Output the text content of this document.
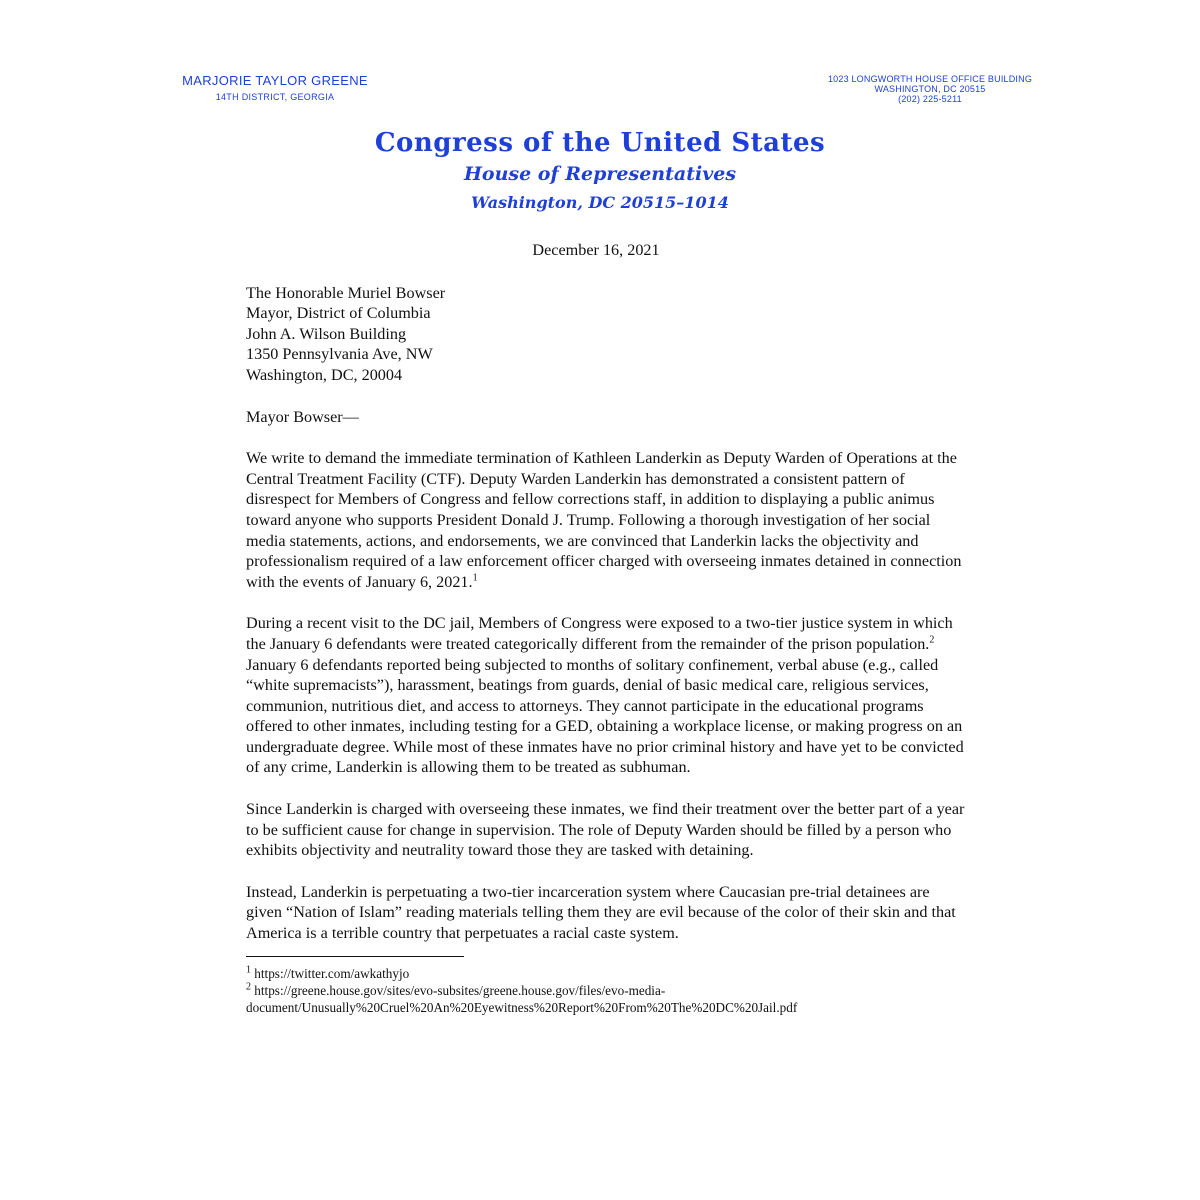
MARJORIE TAYLOR GREENE
14TH DISTRICT, GEORGIA
1023 LONGWORTH HOUSE OFFICE BUILDING
WASHINGTON, DC 20515
(202) 225-5211
Congress of the United States
House of Representatives
Washington, DC 20515–1014
December 16, 2021
The Honorable Muriel Bowser
Mayor, District of Columbia
John A. Wilson Building
1350 Pennsylvania Ave, NW
Washington, DC, 20004
Mayor Bowser—
We write to demand the immediate termination of Kathleen Landerkin as Deputy Warden of Operations at the Central Treatment Facility (CTF). Deputy Warden Landerkin has demonstrated a consistent pattern of disrespect for Members of Congress and fellow corrections staff, in addition to displaying a public animus toward anyone who supports President Donald J. Trump. Following a thorough investigation of her social media statements, actions, and endorsements, we are convinced that Landerkin lacks the objectivity and professionalism required of a law enforcement officer charged with overseeing inmates detained in connection with the events of January 6, 2021.$^1$
During a recent visit to the DC jail, Members of Congress were exposed to a two-tier justice system in which the January 6 defendants were treated categorically different from the remainder of the prison population.$^2$ January 6 defendants reported being subjected to months of solitary confinement, verbal abuse (e.g., called “white supremacists”), harassment, beatings from guards, denial of basic medical care, religious services, communion, nutritious diet, and access to attorneys. They cannot participate in the educational programs offered to other inmates, including testing for a GED, obtaining a workplace license, or making progress on an undergraduate degree. While most of these inmates have no prior criminal history and have yet to be convicted of any crime, Landerkin is allowing them to be treated as subhuman.
Since Landerkin is charged with overseeing these inmates, we find their treatment over the better part of a year to be sufficient cause for change in supervision. The role of Deputy Warden should be filled by a person who exhibits objectivity and neutrality toward those they are tasked with detaining.
Instead, Landerkin is perpetuating a two-tier incarceration system where Caucasian pre-trial detainees are given “Nation of Islam” reading materials telling them they are evil because of the color of their skin and that America is a terrible country that perpetuates a racial caste system.
$^1$ https://twitter.com/awkathyjo
$^2$ https://greene.house.gov/sites/evo-subsites/greene.house.gov/files/evo-media-
document/Unusually%20Cruel%20An%20Eyewitness%20Report%20From%20The%20DC%20Jail.pdf
